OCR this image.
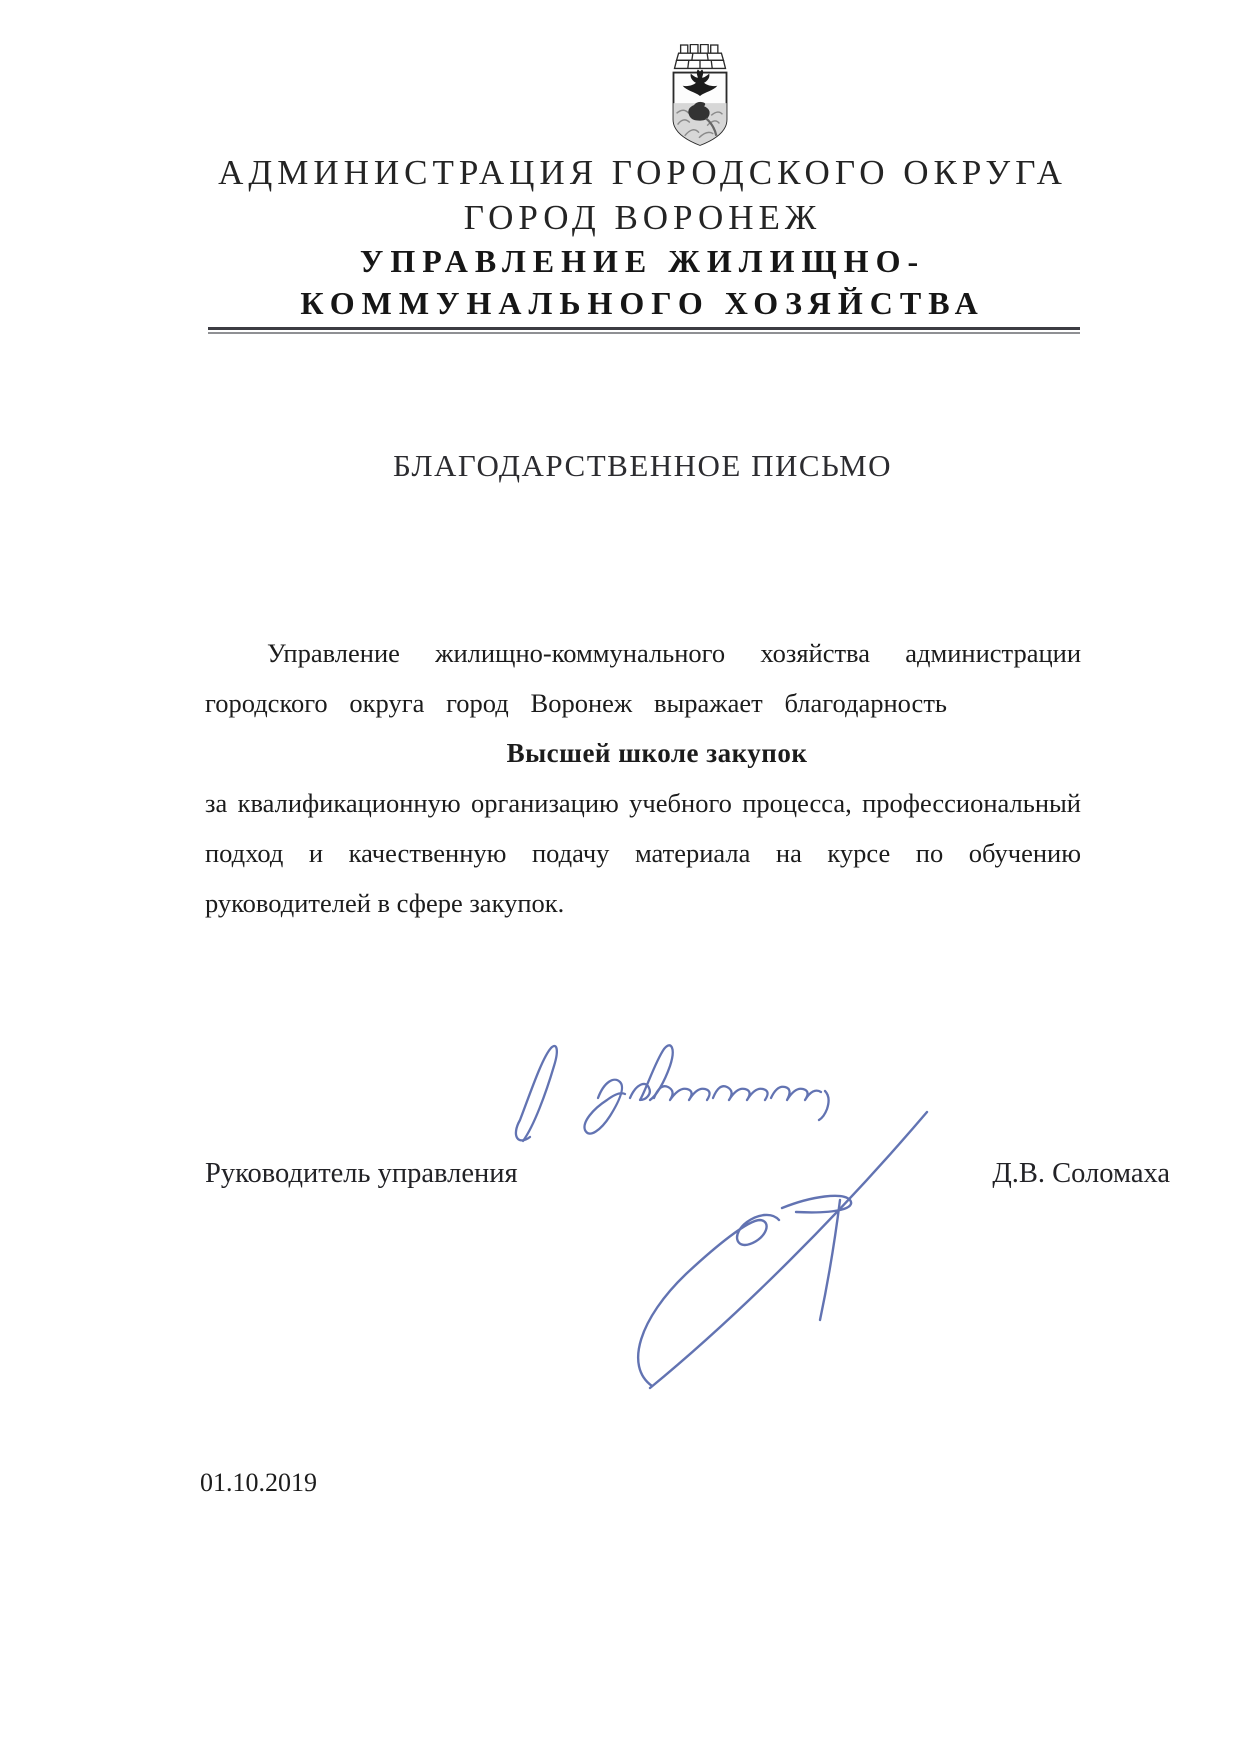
АДМИНИСТРАЦИЯ ГОРОДСКОГО ОКРУГА
ГОРОД ВОРОНЕЖ
УПРАВЛЕНИЕ ЖИЛИЩНО-
КОММУНАЛЬНОГО ХОЗЯЙСТВА
БЛАГОДАРСТВЕННОЕ ПИСЬМО
Управление жилищно-коммунального хозяйства администрации
городского округа город Воронеж выражает благодарность
Высшей школе закупок
за квалификационную организацию учебного процесса, профессиональный
подход и качественную подачу материала на курсе по обучению
руководителей в сфере закупок.
Руководитель управления	Д.В. Соломаха
01.10.2019
